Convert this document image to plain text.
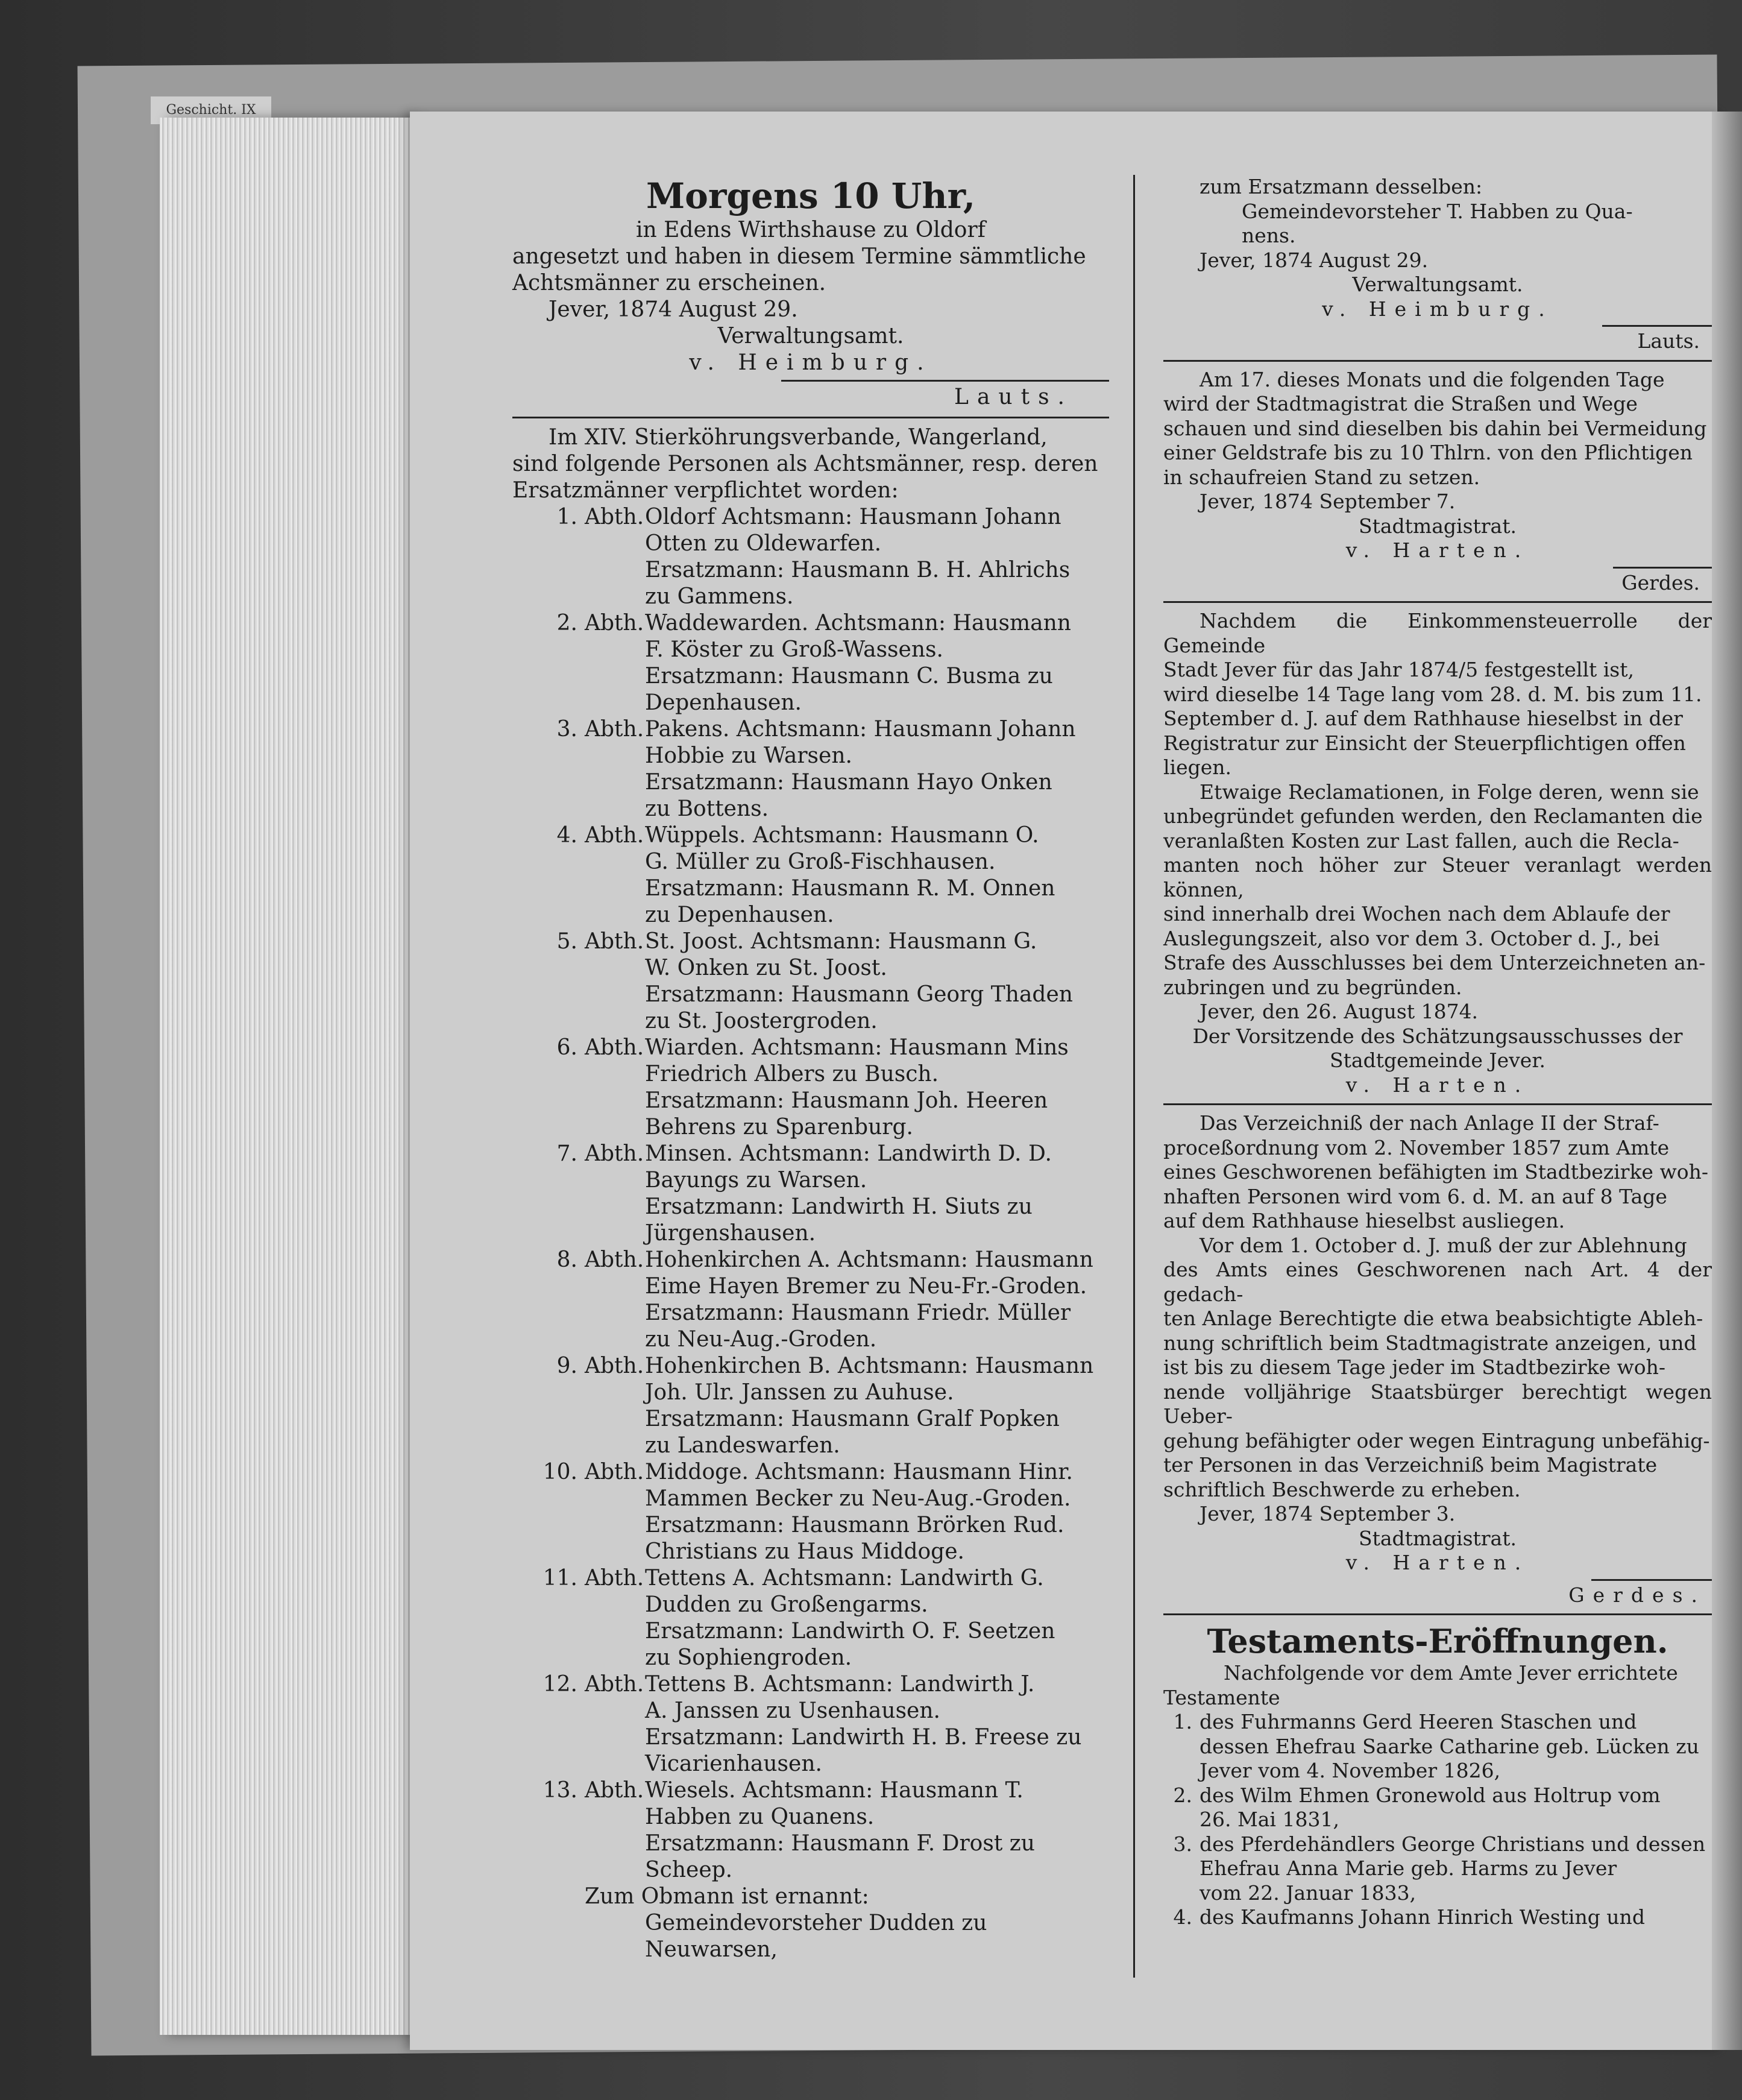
Geschicht. IX

Morgens 10 Uhr,

in Edens Wirthshause zu Oldorf

angesetzt und haben in diesem Termine sämmtliche

Achtsmänner zu erscheinen.

Jever, 1874 August 29.

Verwaltungsamt.

v. Heimburg.

Lauts.

Im XIV. Stierköhrungsverbande, Wangerland,

sind folgende Personen als Achtsmänner, resp. deren

Ersatzmänner verpflichtet worden:

1. Abth. Oldorf Achtsmann: Hausmann Johann
Otten zu Oldewarfen.
Ersatzmann: Hausmann B. H. Ahlrichs
zu Gammens.
2. Abth. Waddewarden. Achtsmann: Hausmann
F. Köster zu Groß-Wassens.
Ersatzmann: Hausmann C. Busma zu
Depenhausen.
3. Abth. Pakens. Achtsmann: Hausmann Johann
Hobbie zu Warsen.
Ersatzmann: Hausmann Hayo Onken
zu Bottens.
4. Abth. Wüppels. Achtsmann: Hausmann O.
G. Müller zu Groß-Fischhausen.
Ersatzmann: Hausmann R. M. Onnen
zu Depenhausen.
5. Abth. St. Joost. Achtsmann: Hausmann G.
W. Onken zu St. Joost.
Ersatzmann: Hausmann Georg Thaden
zu St. Joostergroden.
6. Abth. Wiarden. Achtsmann: Hausmann Mins
Friedrich Albers zu Busch.
Ersatzmann: Hausmann Joh. Heeren
Behrens zu Sparenburg.
7. Abth. Minsen. Achtsmann: Landwirth D. D.
Bayungs zu Warsen.
Ersatzmann: Landwirth H. Siuts zu
Jürgenshausen.
8. Abth. Hohenkirchen A. Achtsmann: Hausmann
Eime Hayen Bremer zu Neu-Fr.-Groden.
Ersatzmann: Hausmann Friedr. Müller
zu Neu-Aug.-Groden.
9. Abth. Hohenkirchen B. Achtsmann: Hausmann
Joh. Ulr. Janssen zu Auhuse.
Ersatzmann: Hausmann Gralf Popken
zu Landeswarfen.
10. Abth. Middoge. Achtsmann: Hausmann Hinr.
Mammen Becker zu Neu-Aug.-Groden.
Ersatzmann: Hausmann Brörken Rud.
Christians zu Haus Middoge.
11. Abth. Tettens A. Achtsmann: Landwirth G.
Dudden zu Großengarms.
Ersatzmann: Landwirth O. F. Seetzen
zu Sophiengroden.
12. Abth. Tettens B. Achtsmann: Landwirth J.
A. Janssen zu Usenhausen.
Ersatzmann: Landwirth H. B. Freese zu
Vicarienhausen.
13. Abth. Wiesels. Achtsmann: Hausmann T.
Habben zu Quanens.
Ersatzmann: Hausmann F. Drost zu
Scheep.

Zum Obmann ist ernannt:

Gemeindevorsteher Dudden zu Neuwarsen,

zum Ersatzmann desselben:

Gemeindevorsteher T. Habben zu Qua-

nens.

Jever, 1874 August 29.

Verwaltungsamt.

v. Heimburg.

Lauts.

Am 17. dieses Monats und die folgenden Tage

wird der Stadtmagistrat die Straßen und Wege

schauen und sind dieselben bis dahin bei Vermeidung

einer Geldstrafe bis zu 10 Thlrn. von den Pflichtigen

in schaufreien Stand zu setzen.

Jever, 1874 September 7.

Stadtmagistrat.

v. Harten.

Gerdes.

Nachdem die Einkommensteuerrolle der Gemeinde

Stadt Jever für das Jahr 1874/5 festgestellt ist,

wird dieselbe 14 Tage lang vom 28. d. M. bis zum 11.

September d. J. auf dem Rathhause hieselbst in der

Registratur zur Einsicht der Steuerpflichtigen offen

liegen.

Etwaige Reclamationen, in Folge deren, wenn sie

unbegründet gefunden werden, den Reclamanten die

veranlaßten Kosten zur Last fallen, auch die Recla-

manten noch höher zur Steuer veranlagt werden können,

sind innerhalb drei Wochen nach dem Ablaufe der

Auslegungszeit, also vor dem 3. October d. J., bei

Strafe des Ausschlusses bei dem Unterzeichneten an-

zubringen und zu begründen.

Jever, den 26. August 1874.

Der Vorsitzende des Schätzungsausschusses der

Stadtgemeinde Jever.

v. Harten.

Das Verzeichniß der nach Anlage II der Straf-

proceßordnung vom 2. November 1857 zum Amte

eines Geschworenen befähigten im Stadtbezirke woh-

nhaften Personen wird vom 6. d. M. an auf 8 Tage

auf dem Rathhause hieselbst ausliegen.

Vor dem 1. October d. J. muß der zur Ablehnung

des Amts eines Geschworenen nach Art. 4 der gedach-

ten Anlage Berechtigte die etwa beabsichtigte Ableh-

nung schriftlich beim Stadtmagistrate anzeigen, und

ist bis zu diesem Tage jeder im Stadtbezirke woh-

nende volljährige Staatsbürger berechtigt wegen Ueber-

gehung befähigter oder wegen Eintragung unbefähig-

ter Personen in das Verzeichniß beim Magistrate

schriftlich Beschwerde zu erheben.

Jever, 1874 September 3.

Stadtmagistrat.

v. Harten.

Gerdes.

Testaments-Eröffnungen.

Nachfolgende vor dem Amte Jever errichtete

Testamente

1. des Fuhrmanns Gerd Heeren Staschen und
dessen Ehefrau Saarke Catharine geb. Lücken zu
Jever vom 4. November 1826,
2. des Wilm Ehmen Gronewold aus Holtrup vom
26. Mai 1831,
3. des Pferdehändlers George Christians und dessen
Ehefrau Anna Marie geb. Harms zu Jever
vom 22. Januar 1833,
4. des Kaufmanns Johann Hinrich Westing und
